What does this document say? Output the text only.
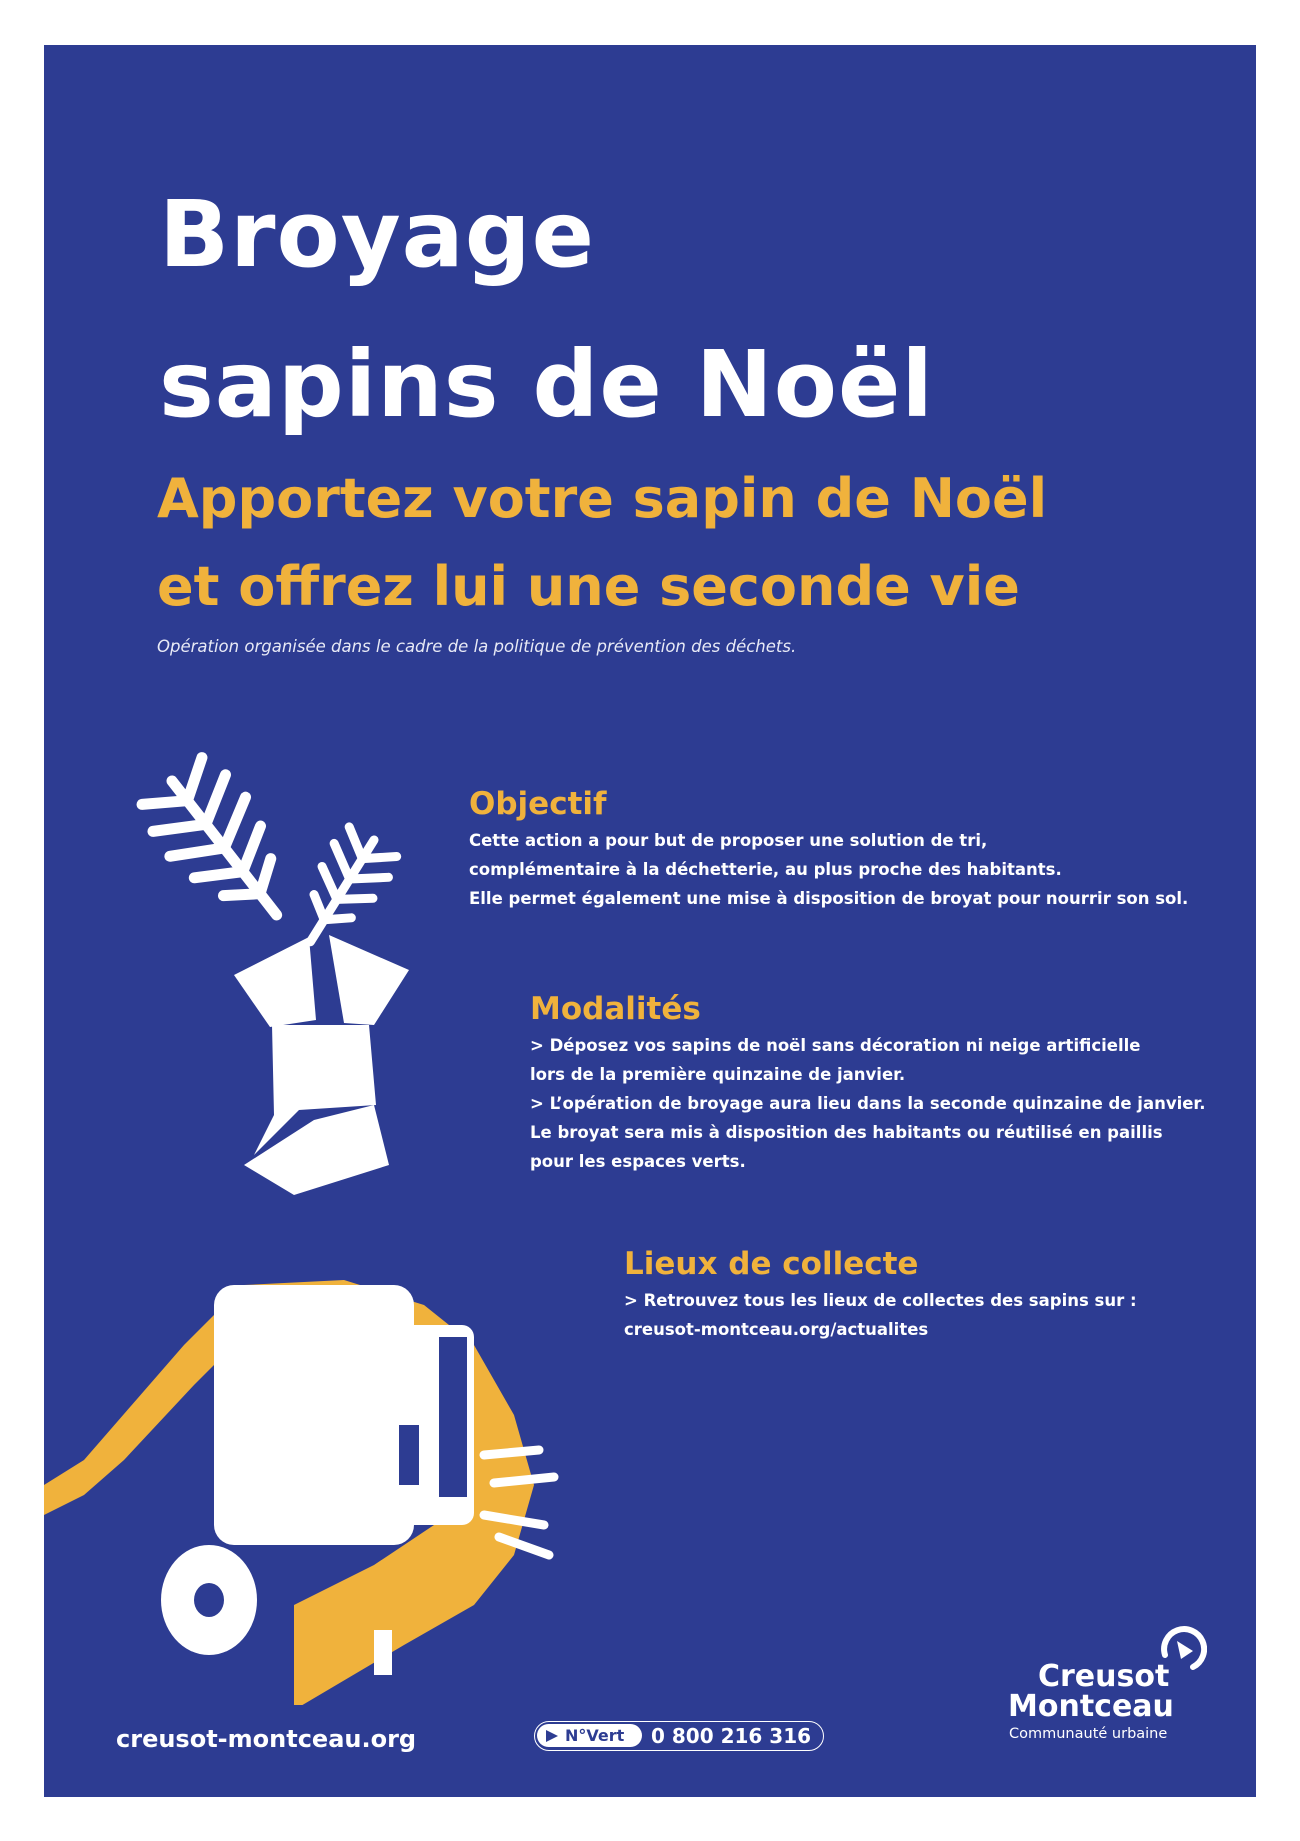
Broyage
sapins de Noël
Apportez votre sapin de Noël
et offrez lui une seconde vie
Opération organisée dans le cadre de la politique de prévention des déchets.
Objectif

Cette action a pour but de proposer une solution de tri,
complémentaire à la déchetterie, au plus proche des habitants.
Elle permet également une mise à disposition de broyat pour nourrir son sol.

Modalités

> Déposez vos sapins de noël sans décoration ni neige artificielle
lors de la première quinzaine de janvier.
> L’opération de broyage aura lieu dans la seconde quinzaine de janvier.
Le broyat sera mis à disposition des habitants ou réutilisé en paillis
pour les espaces verts.

Lieux de collecte

> Retrouvez tous les lieux de collectes des sapins sur :
creusot-montceau.org/actualites

creusot-montceau.org	N°Vert 0 800 216 316
Creusot
Montceau
Communauté urbaine
